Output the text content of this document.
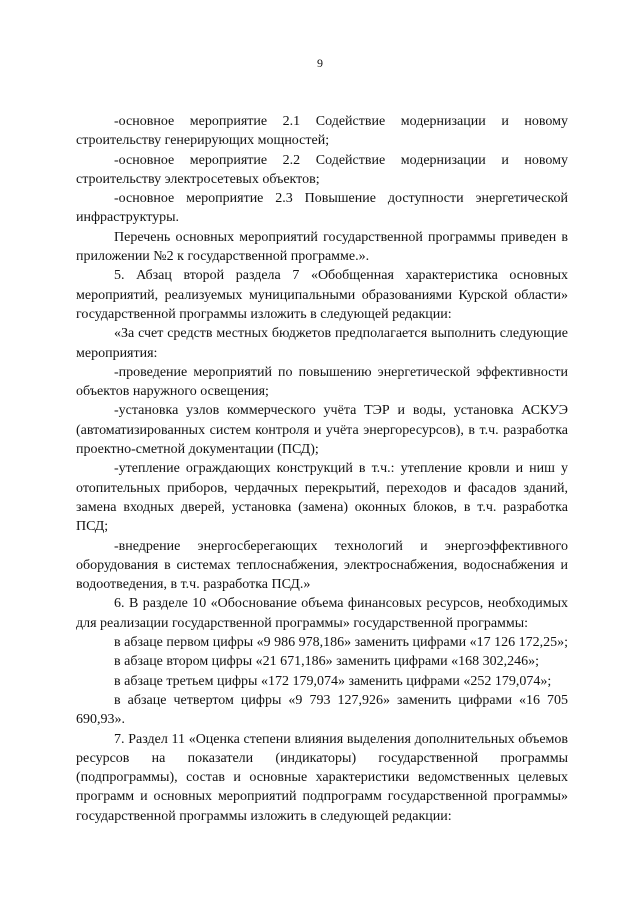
9

-основное мероприятие 2.1 Содействие модернизации и новому строительству генерирующих мощностей;

-основное мероприятие 2.2 Содействие модернизации и новому строительству электросетевых объектов;

-основное мероприятие 2.3 Повышение доступности энергетической инфраструктуры.

Перечень основных мероприятий государственной программы приведен в приложении №2 к государственной программе.».

5. Абзац второй раздела 7 «Обобщенная характеристика основных мероприятий, реализуемых муниципальными образованиями Курской области» государственной программы изложить в следующей редакции:

«За счет средств местных бюджетов предполагается выполнить следующие мероприятия:

-проведение мероприятий по повышению энергетической эффективности объектов наружного освещения;

-установка узлов коммерческого учёта ТЭР и воды, установка АСКУЭ (автоматизированных систем контроля и учёта энергоресурсов), в т.ч. разработка проектно-сметной документации (ПСД);

-утепление ограждающих конструкций в т.ч.: утепление кровли и ниш у отопительных приборов, чердачных перекрытий, переходов и фасадов зданий, замена входных дверей, установка (замена) оконных блоков, в т.ч. разработка ПСД;

-внедрение энергосберегающих технологий и энергоэффективного оборудования в системах теплоснабжения, электроснабжения, водоснабжения и водоотведения, в т.ч. разработка ПСД.»

6. В разделе 10 «Обоснование объема финансовых ресурсов, необходимых для реализации государственной программы» государственной программы:

в абзаце первом цифры «9 986 978,186» заменить цифрами «17 126 172,25»;

в абзаце втором цифры «21 671,186» заменить цифрами «168 302,246»;

в абзаце третьем цифры «172 179,074» заменить цифрами «252 179,074»;

в абзаце четвертом цифры «9 793 127,926» заменить цифрами «16 705 690,93».

7. Раздел 11 «Оценка степени влияния выделения дополнительных объемов ресурсов на показатели (индикаторы) государственной программы (подпрограммы), состав и основные характеристики ведомственных целевых программ и основных мероприятий подпрограмм государственной программы» государственной программы изложить в следующей редакции:
